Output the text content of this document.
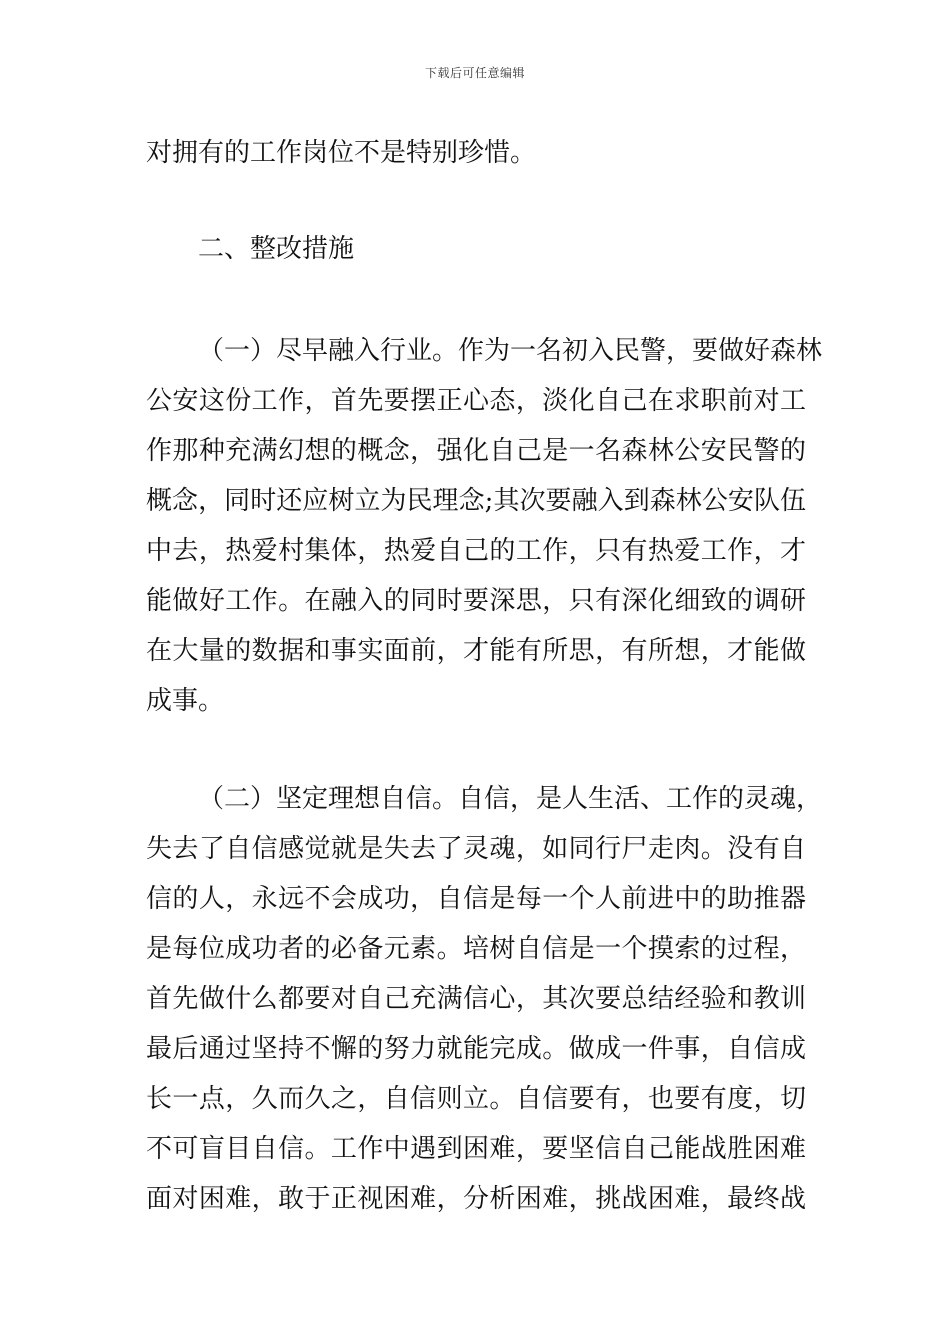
下载后可任意编辑
对拥有的工作岗位不是特别珍惜。
二、整改措施
（一）尽早融入行业。作为一名初入民警，要做好森林
公安这份工作，首先要摆正心态，淡化自己在求职前对工
作那种充满幻想的概念，强化自己是一名森林公安民警的
概念，同时还应树立为民理念;其次要融入到森林公安队伍
中去，热爱村集体，热爱自己的工作，只有热爱工作，才
能做好工作。在融入的同时要深思，只有深化细致的调研
在大量的数据和事实面前，才能有所思，有所想，才能做
成事。
（二）坚定理想自信。自信，是人生活、工作的灵魂，
失去了自信感觉就是失去了灵魂，如同行尸走肉。没有自
信的人，永远不会成功，自信是每一个人前进中的助推器
是每位成功者的必备元素。培树自信是一个摸索的过程，
首先做什么都要对自己充满信心，其次要总结经验和教训
最后通过坚持不懈的努力就能完成。做成一件事，自信成
长一点，久而久之，自信则立。自信要有，也要有度，切
不可盲目自信。工作中遇到困难，要坚信自己能战胜困难
面对困难，敢于正视困难，分析困难，挑战困难，最终战
